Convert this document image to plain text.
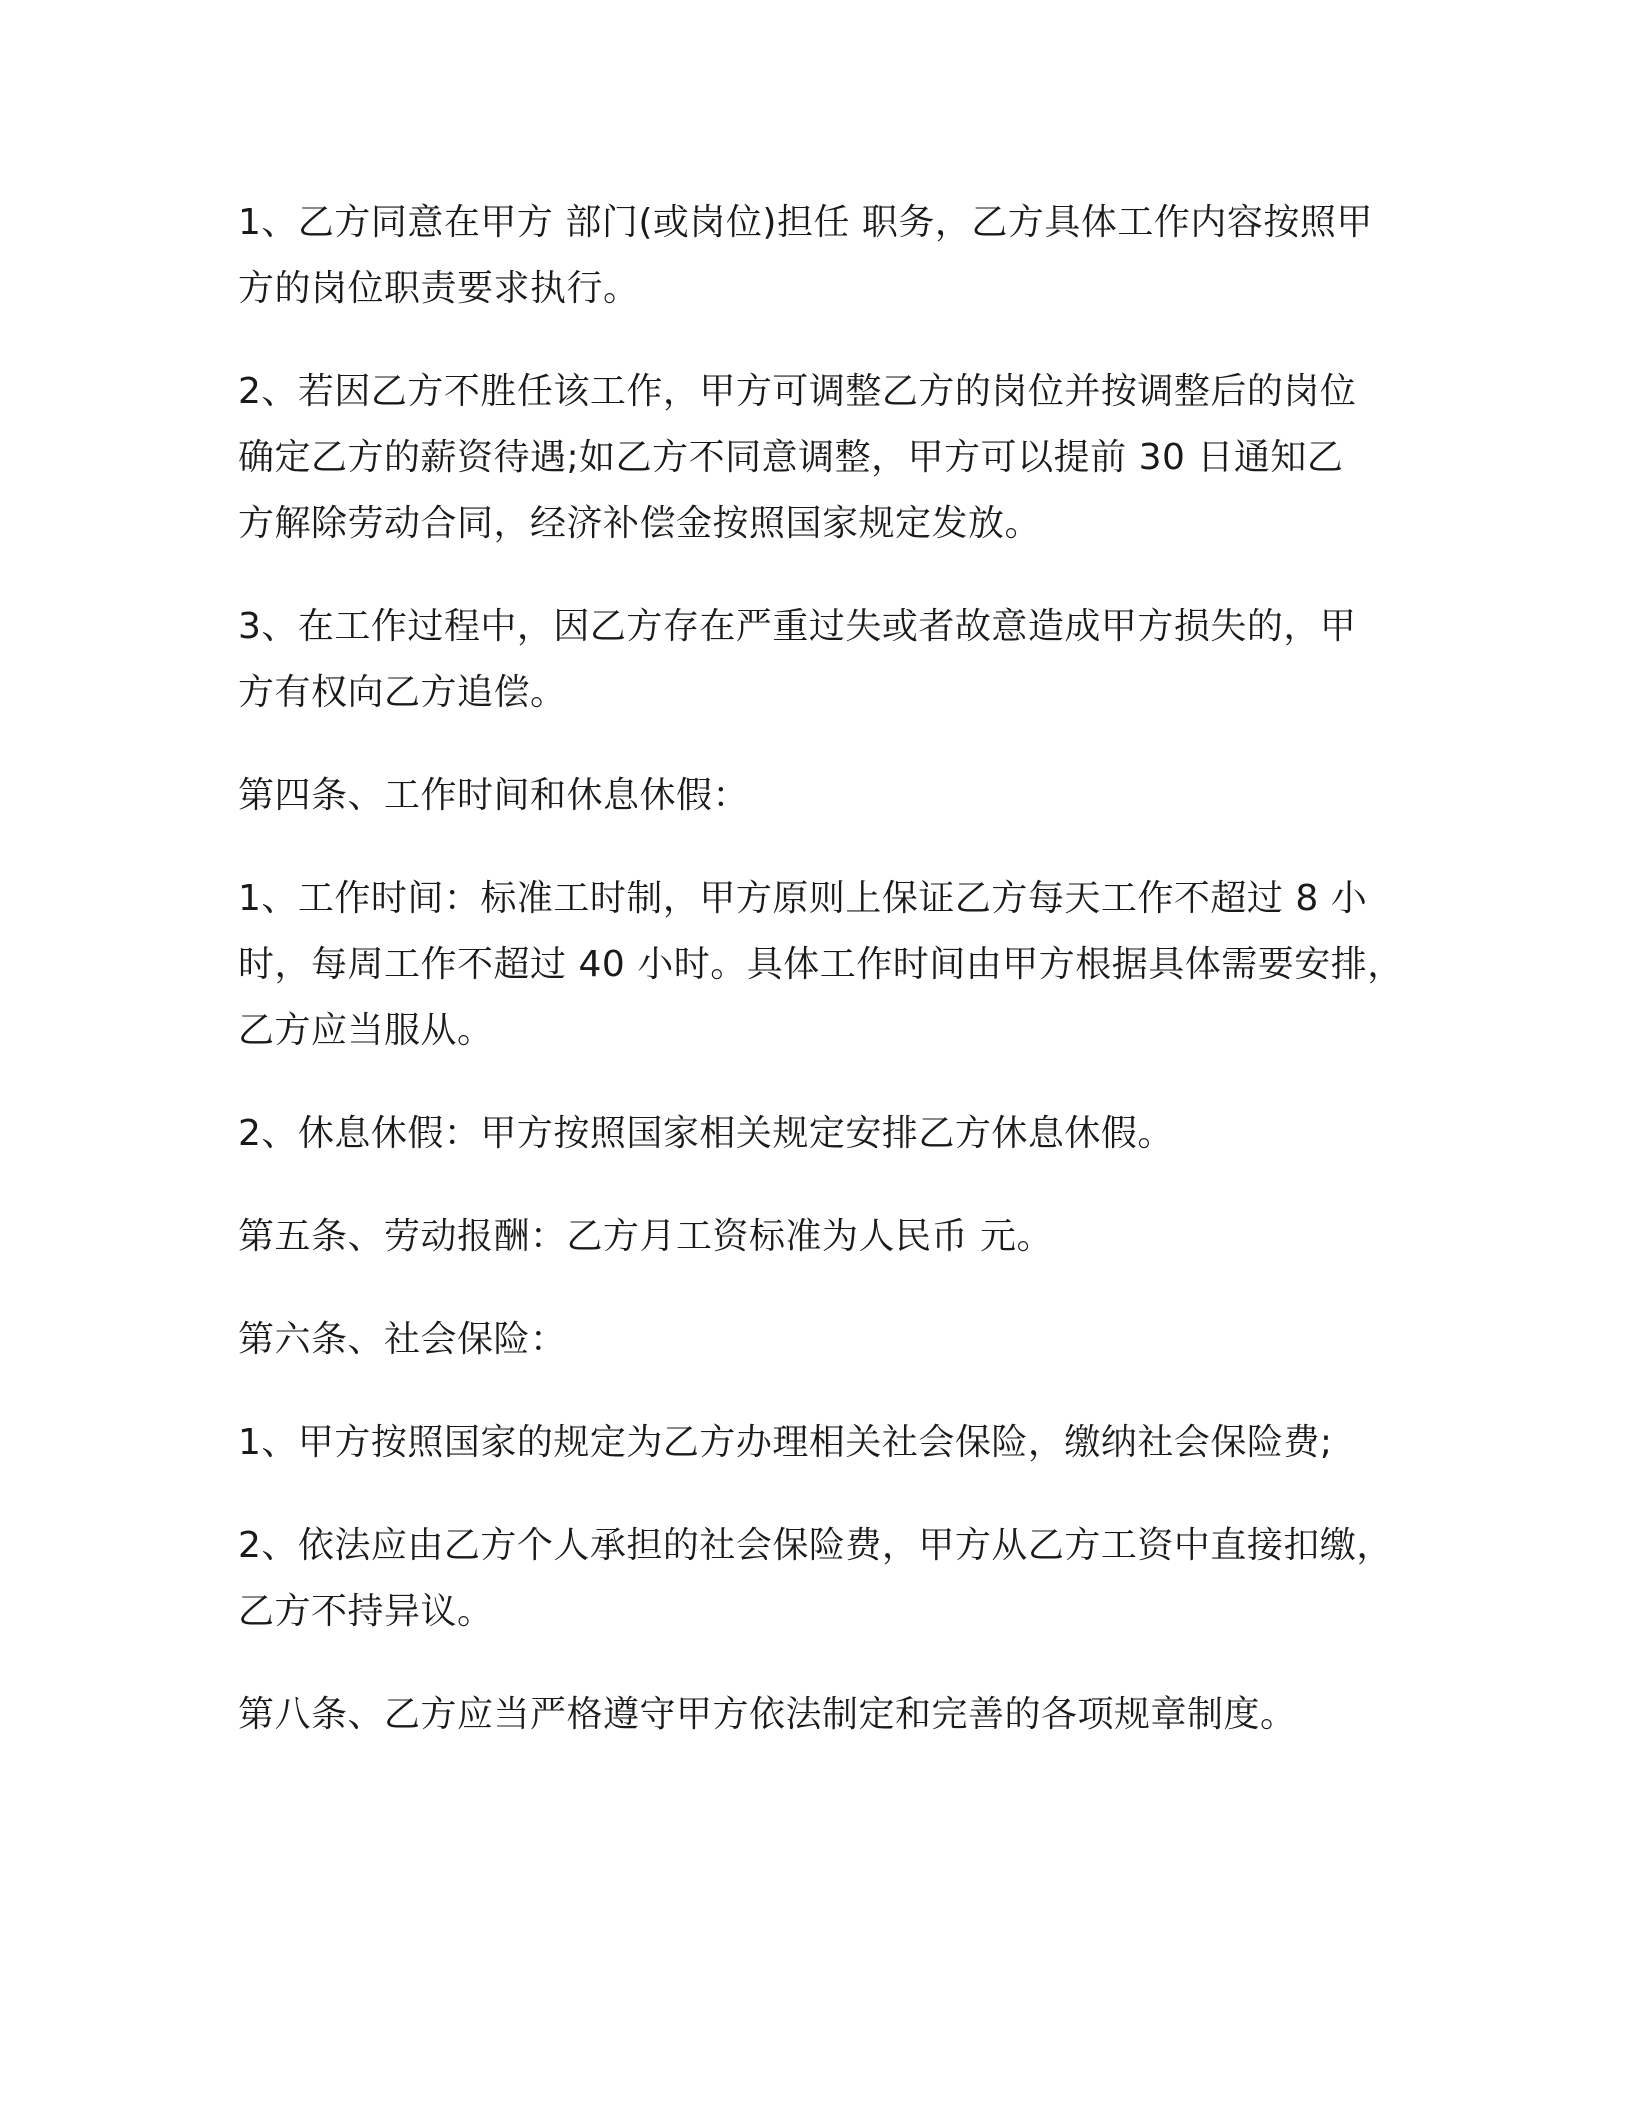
1、乙方同意在甲方 部门(或岗位)担任 职务，乙方具体工作内容按照甲
方的岗位职责要求执行。

2、若因乙方不胜任该工作，甲方可调整乙方的岗位并按调整后的岗位
确定乙方的薪资待遇;如乙方不同意调整，甲方可以提前 30 日通知乙
方解除劳动合同，经济补偿金按照国家规定发放。

3、在工作过程中，因乙方存在严重过失或者故意造成甲方损失的，甲
方有权向乙方追偿。

第四条、工作时间和休息休假：

1、工作时间：标准工时制，甲方原则上保证乙方每天工作不超过 8 小
时，每周工作不超过 40 小时。具体工作时间由甲方根据具体需要安排，
乙方应当服从。

2、休息休假：甲方按照国家相关规定安排乙方休息休假。

第五条、劳动报酬：乙方月工资标准为人民币 元。

第六条、社会保险：

1、甲方按照国家的规定为乙方办理相关社会保险，缴纳社会保险费;

2、依法应由乙方个人承担的社会保险费，甲方从乙方工资中直接扣缴，
乙方不持异议。

第八条、乙方应当严格遵守甲方依法制定和完善的各项规章制度。
